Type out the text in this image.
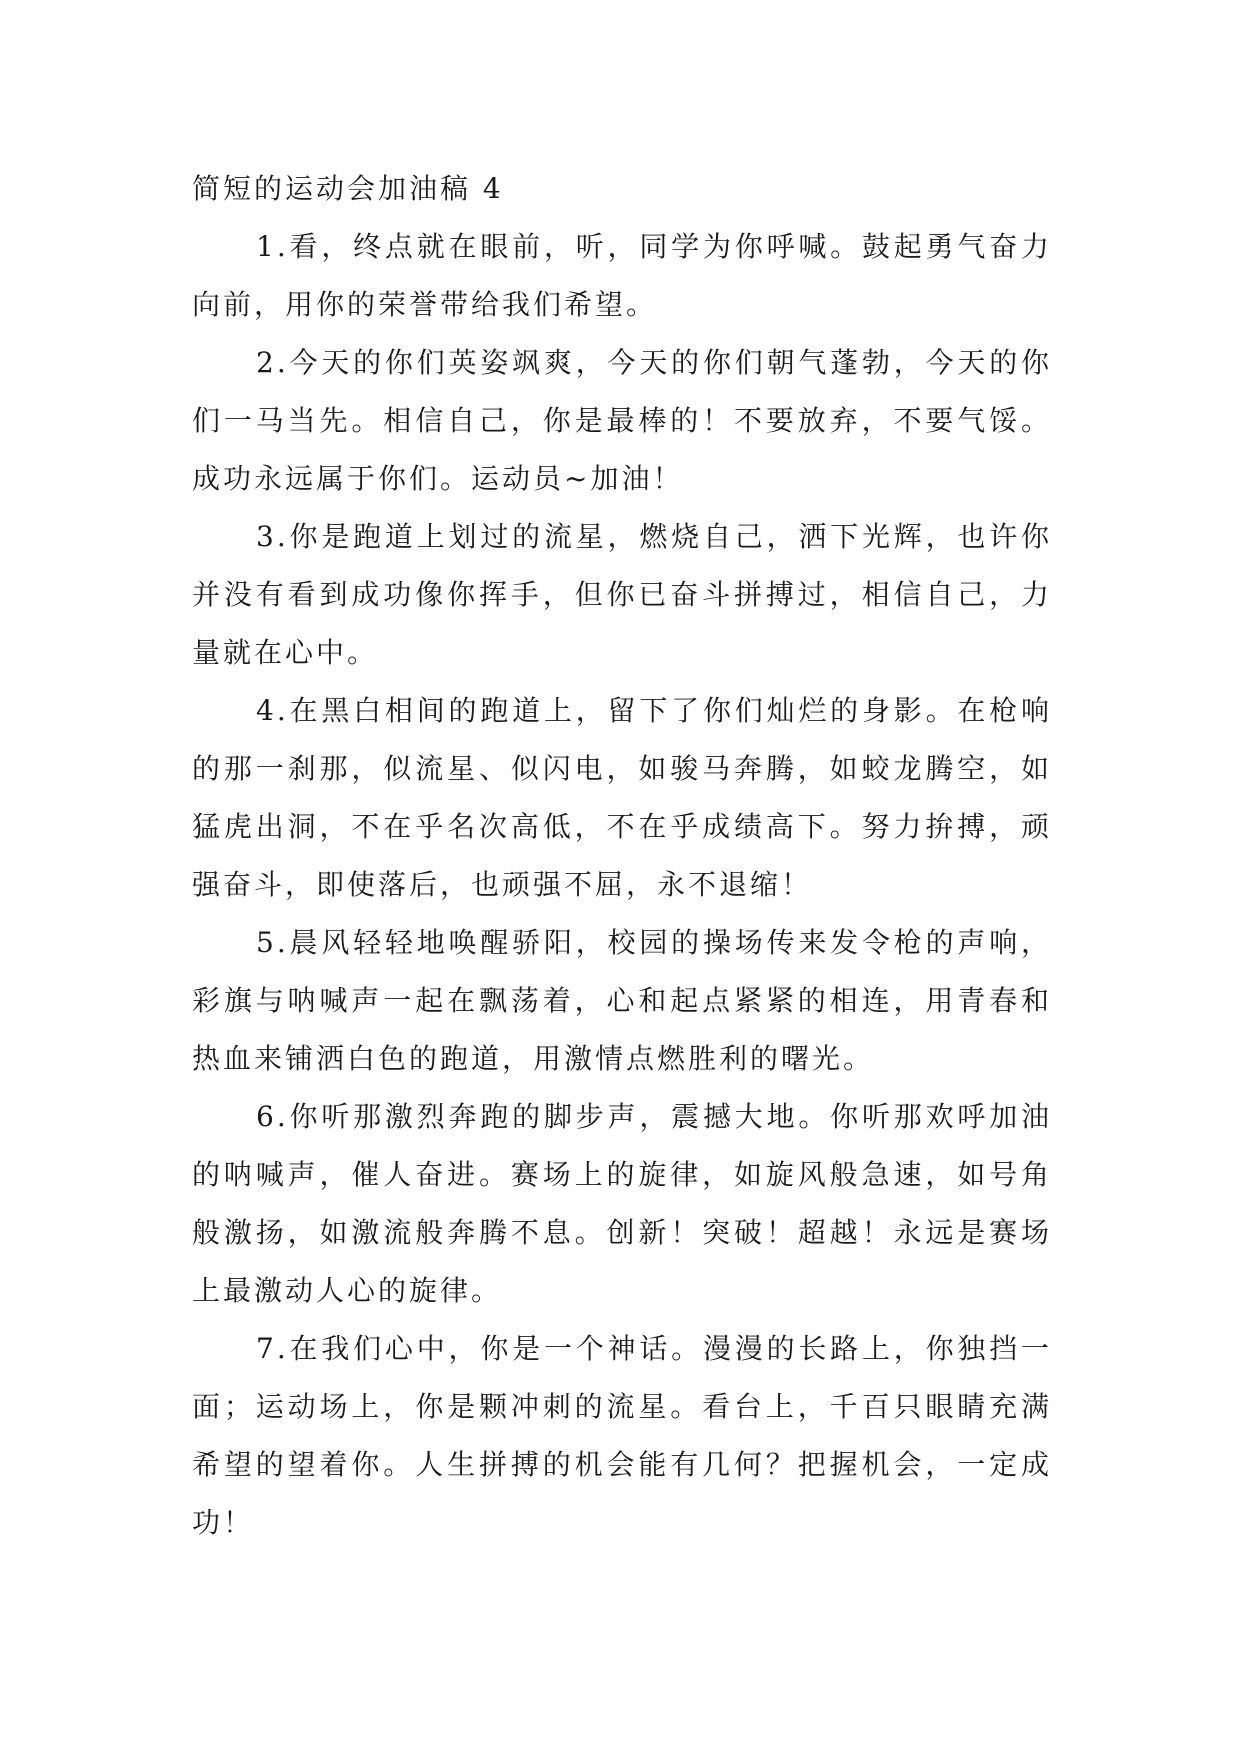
简短的运动会加油稿 4

1.看，终点就在眼前，听，同学为你呼喊。鼓起勇气奋力向前，用你的荣誉带给我们希望。

2.今天的你们英姿飒爽，今天的你们朝气蓬勃，今天的你们一马当先。相信自己，你是最棒的！不要放弃，不要气馁。成功永远属于你们。运动员~加油！

3.你是跑道上划过的流星，燃烧自己，洒下光辉，也许你并没有看到成功像你挥手，但你已奋斗拼搏过，相信自己，力量就在心中。

4.在黑白相间的跑道上，留下了你们灿烂的身影。在枪响的那一刹那，似流星、似闪电，如骏马奔腾，如蛟龙腾空，如猛虎出洞，不在乎名次高低，不在乎成绩高下。努力拚搏，顽强奋斗，即使落后，也顽强不屈，永不退缩！

5.晨风轻轻地唤醒骄阳，校园的操场传来发令枪的声响，彩旗与呐喊声一起在飘荡着，心和起点紧紧的相连，用青春和热血来铺洒白色的跑道，用激情点燃胜利的曙光。

6.你听那激烈奔跑的脚步声，震撼大地。你听那欢呼加油的呐喊声，催人奋进。赛场上的旋律，如旋风般急速，如号角般激扬，如激流般奔腾不息。创新！突破！超越！永远是赛场上最激动人心的旋律。

7.在我们心中，你是一个神话。漫漫的长路上，你独挡一面；运动场上，你是颗冲刺的流星。看台上，千百只眼睛充满希望的望着你。人生拼搏的机会能有几何？把握机会，一定成功！
